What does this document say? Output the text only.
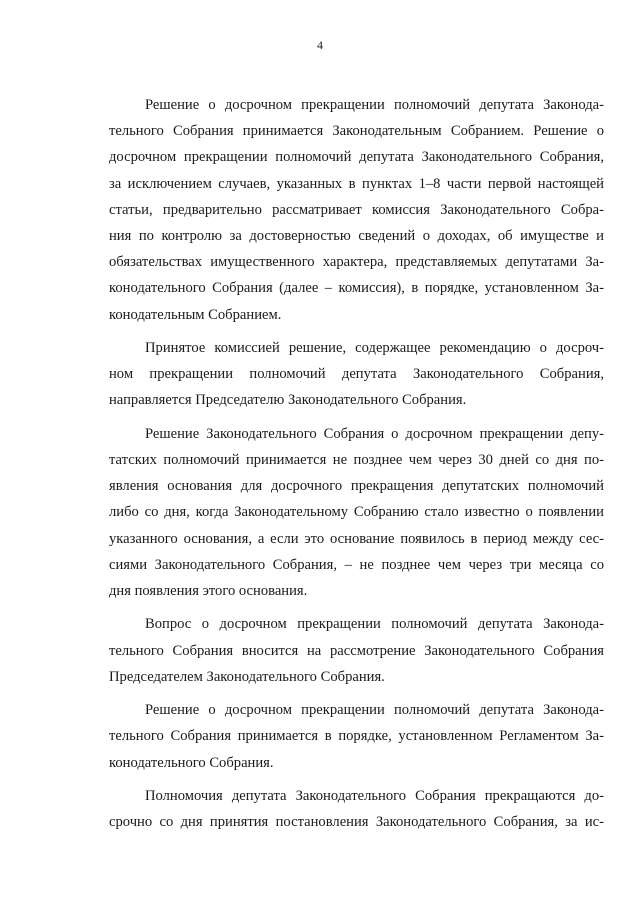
4
Решение о досрочном прекращении полномочий депутата Законода-
тельного Собрания принимается Законодательным Собранием. Решение о
досрочном прекращении полномочий депутата Законодательного Собрания,
за исключением случаев, указанных в пунктах 1–8 части первой настоящей
статьи, предварительно рассматривает комиссия Законодательного Собра-
ния по контролю за достоверностью сведений о доходах, об имуществе и
обязательствах имущественного характера, представляемых депутатами За-
конодательного Собрания (далее – комиссия), в порядке, установленном За-
конодательным Собранием.
Принятое комиссией решение, содержащее рекомендацию о досроч-
ном прекращении полномочий депутата Законодательного Собрания,
направляется Председателю Законодательного Собрания.
Решение Законодательного Собрания о досрочном прекращении депу-
татских полномочий принимается не позднее чем через 30 дней со дня по-
явления основания для досрочного прекращения депутатских полномочий
либо со дня, когда Законодательному Собранию стало известно о появлении
указанного основания, а если это основание появилось в период между сес-
сиями Законодательного Собрания, – не позднее чем через три месяца со
дня появления этого основания.
Вопрос о досрочном прекращении полномочий депутата Законода-
тельного Собрания вносится на рассмотрение Законодательного Собрания
Председателем Законодательного Собрания.
Решение о досрочном прекращении полномочий депутата Законода-
тельного Собрания принимается в порядке, установленном Регламентом За-
конодательного Собрания.
Полномочия депутата Законодательного Собрания прекращаются до-
срочно со дня принятия постановления Законодательного Собрания, за ис-
